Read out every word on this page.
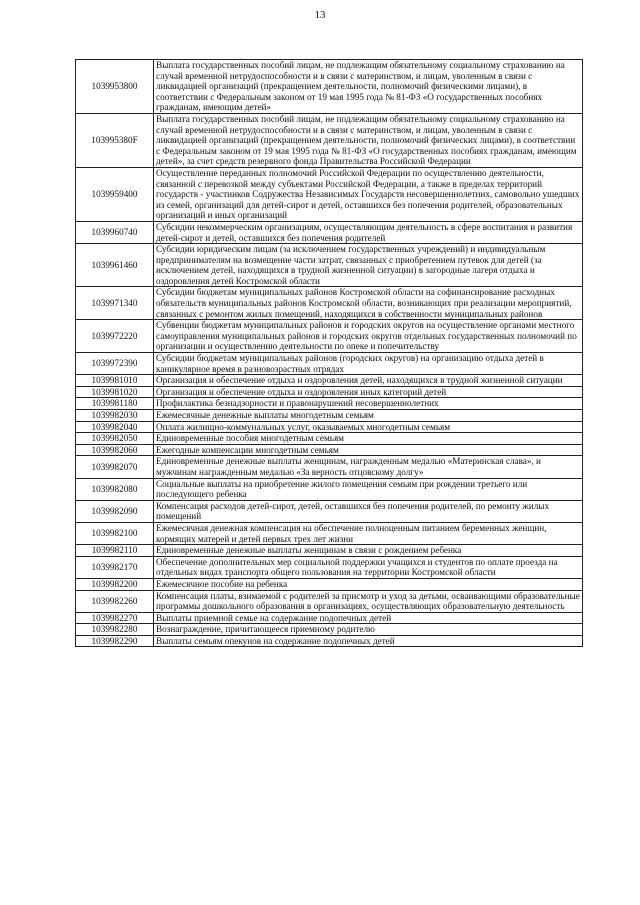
13
1039953800	Выплата государственных пособий лицам, не подлежащим обязательному социальному страхованию на случай временной нетрудоспособности и в связи с материнством, и лицам, уволенным в связи с ликвидацией организаций (прекращением деятельности, полномочий физическими лицами), в соответствии с Федеральным законом от 19 мая 1995 года № 81-ФЗ «О государственных пособиях гражданам, имеющим детей»
103995380F	Выплата государственных пособий лицам, не подлежащим обязательному социальному страхованию на случай временной нетрудоспособности и в связи с материнством, и лицам, уволенным в связи с ликвидацией организаций (прекращением деятельности, полномочий физических лицами), в соответствии с Федеральным законом от 19 мая 1995 года № 81-ФЗ «О государственных пособиях гражданам, имеющим детей», за счет средств резервного фонда Правительства Российской Федерации
1039959400	Осуществление переданных полномочий Российской Федерации по осуществлению деятельности, связанной с перевозкой между субъектами Российской Федерации, а также в пределах территорий государств - участников Содружества Независимых Государств несовершеннолетних, самовольно ушедших из семей, организаций для детей-сирот и детей, оставшихся без попечения родителей, образовательных организаций и иных организаций
1039960740	Субсидии некоммерческим организациям, осуществляющим деятельность в сфере воспитания и развития детей-сирот и детей, оставшихся без попечения родителей
1039961460	Субсидии юридическим лицам (за исключением государственных учреждений) и индивидуальным предпринимателям на возмещение части затрат, связанных с приобретением путевок для детей (за исключением детей, находящихся в трудной жизненной ситуации) в загородные лагеря отдыха и оздоровления детей Костромской области
1039971340	Субсидии бюджетам муниципальных районов Костромской области на софинансирование расходных обязательств муниципальных районов Костромской области, возникающих при реализации мероприятий, связанных с ремонтом жилых помещений, находящихся в собственности муниципальных районов
1039972220	Субвенции бюджетам муниципальных районов и городских округов на осуществление органами местного самоуправления муниципальных районов и городских округов отдельных государственных полномочий по организации и осуществлению деятельности по опеке и попечительству
1039972390	Субсидии бюджетам муниципальных районов (городских округов) на организацию отдыха детей в каникулярное время в разновозрастных отрядах
1039981010	Организация и обеспечение отдыха и оздоровления детей, находящихся в трудной жизненной ситуации
1039981020	Организация и обеспечение отдыха и оздоровления иных категорий детей
1039981180	Профилактика безнадзорности и правонарушений несовершеннолетних
1039982030	Ежемесячные денежные выплаты многодетным семьям
1039982040	Оплата жилищно-коммунальных услуг, оказываемых многодетным семьям
1039982050	Единовременные пособия многодетным семьям
1039982060	Ежегодные компенсации многодетным семьям
1039982070	Единовременные денежные выплаты женщинам, награжденным медалью «Материнская слава», и мужчинам награжденным медалью «За верность отцовскому долгу»
1039982080	Социальные выплаты на приобретение жилого помещения семьям при рождении третьего или последующего ребенка
1039982090	Компенсация расходов детей-сирот, детей, оставшихся без попечения родителей, по ремонту жилых помещений
1039982100	Ежемесячная денежная компенсация на обеспечение полноценным питанием беременных женщин, кормящих матерей и детей первых трех лет жизни
1039982110	Единовременные денежные выплаты женщинам в связи с рождением ребенка
1039982170	Обеспечение дополнительных мер социальной поддержки учащихся и студентов по оплате проезда на отдельных видах транспорта общего пользования на территории Костромской области
1039982200	Ежемесячное пособие на ребенка
1039982260	Компенсация платы, взимаемой с родителей за присмотр и уход за детьми, осваивающими образовательные программы дошкольного образования в организациях, осуществляющих образовательную деятельность
1039982270	Выплаты приемной семье на содержание подопечных детей
1039982280	Вознаграждение, причитающееся приемному родителю
1039982290	Выплаты семьям опекунов на содержание подопечных детей
